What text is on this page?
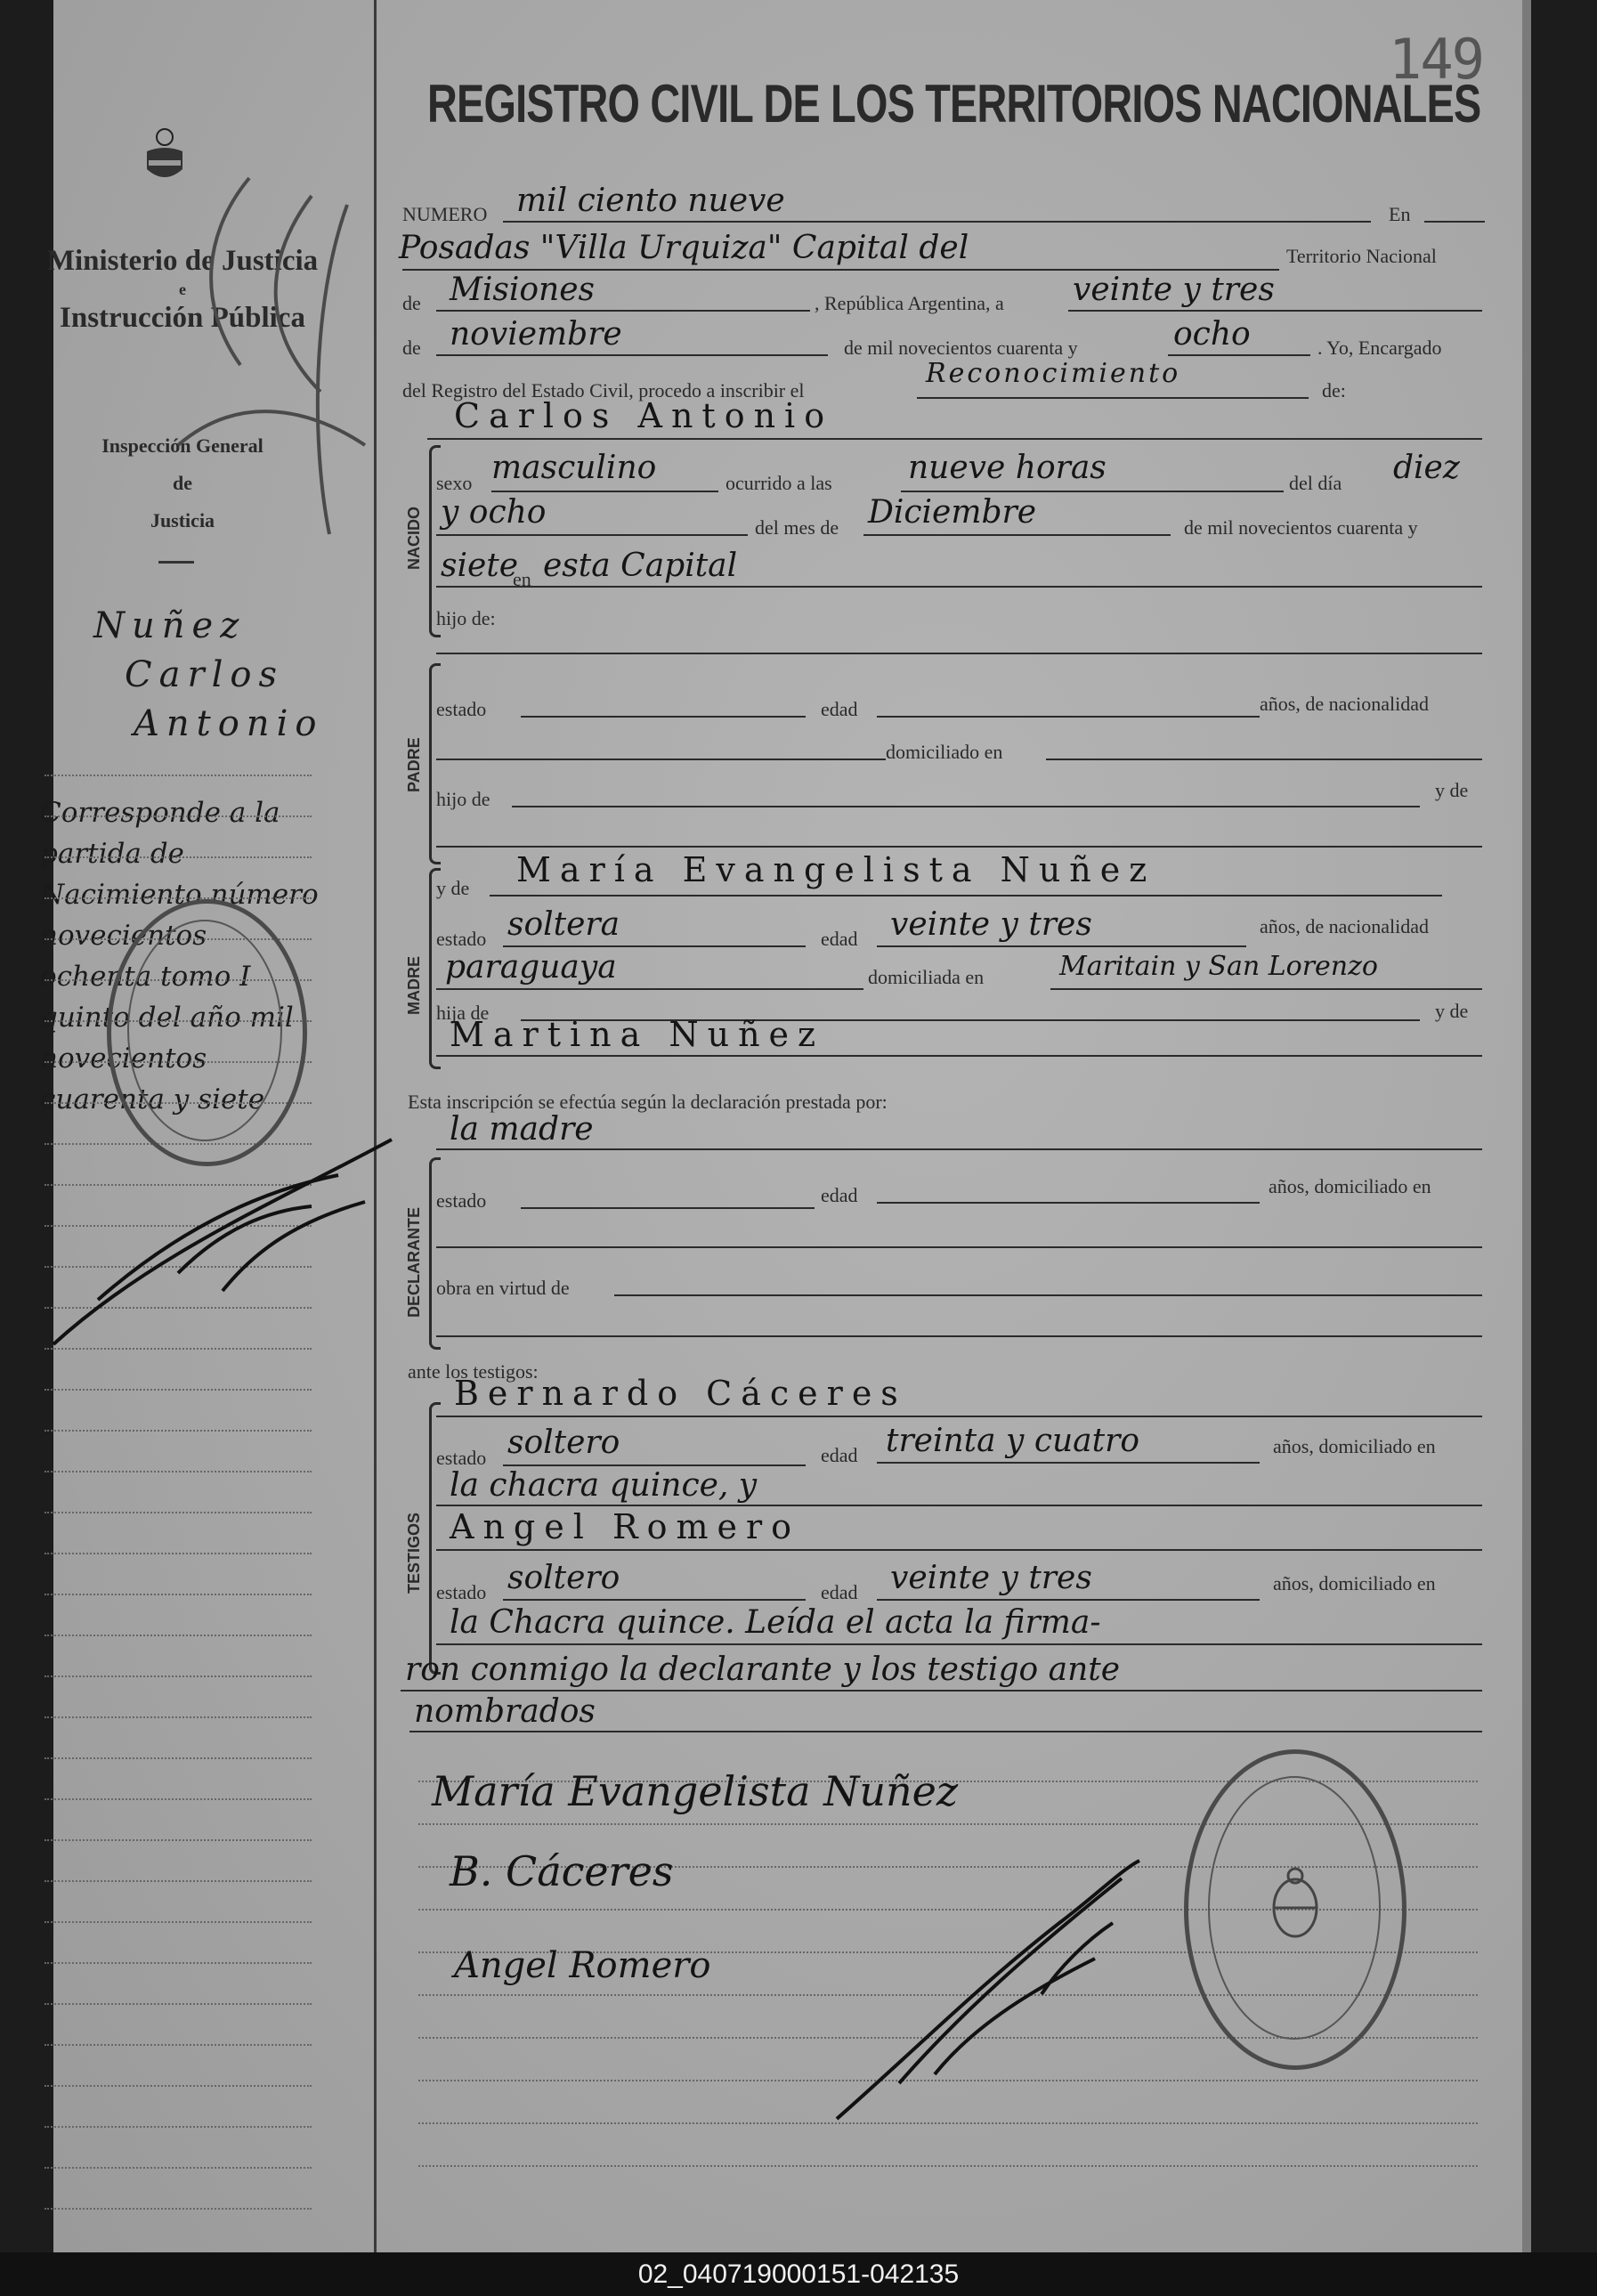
Ministerio de Justicia
e
Instrucción Pública
Inspección General
de
Justicia
Nuñez
Carlos
Antonio
Corresponde a la partida de Nacimiento número novecientos ochenta tomo I quinto del año mil novecientos cuarenta y siete
149
REGISTRO CIVIL DE LOS TERRITORIOS NACIONALES
NUMERO mil ciento nueve	En
Posadas "Villa Urquiza" Capital del	Territorio Nacional
de Misiones	, República Argentina, a veinte y tres
de noviembre	de mil novecientos cuarenta y	ocho	. Yo, Encargado
del Registro del Estado Civil, procedo a inscribir el
Reconocimiento
de:
Carlos Antonio
NACIDO
sexo masculino	ocurrido a las nueve horas	del día diez
y ocho	del mes de Diciembre	de mil novecientos cuarenta y
siete
en esta Capital
hijo de:
PADRE
estado	edad	años, de nacionalidad
domiciliado en
hijo de	y de
MADRE
y de María Evangelista Nuñez
estado soltera	edad veinte y tres	años, de nacionalidad
paraguaya	domiciliada en	Maritain y San Lorenzo
hija de	y de
Martina Nuñez
Esta inscripción se efectúa según la declaración prestada por:
la madre
DECLARANTE
estado	edad	años, domiciliado en
obra en virtud de
ante los testigos:
Bernardo Cáceres
TESTIGOS
estado soltero	edad treinta y cuatro	años, domiciliado en
la chacra quince, y
Angel Romero
estado soltero	edad veinte y tres	años, domiciliado en
la Chacra quince. Leída el acta la firma-
ron conmigo la declarante y los testigo ante
nombrados
María Evangelista Nuñez
B. Cáceres
Angel Romero
02_040719000151-042135
